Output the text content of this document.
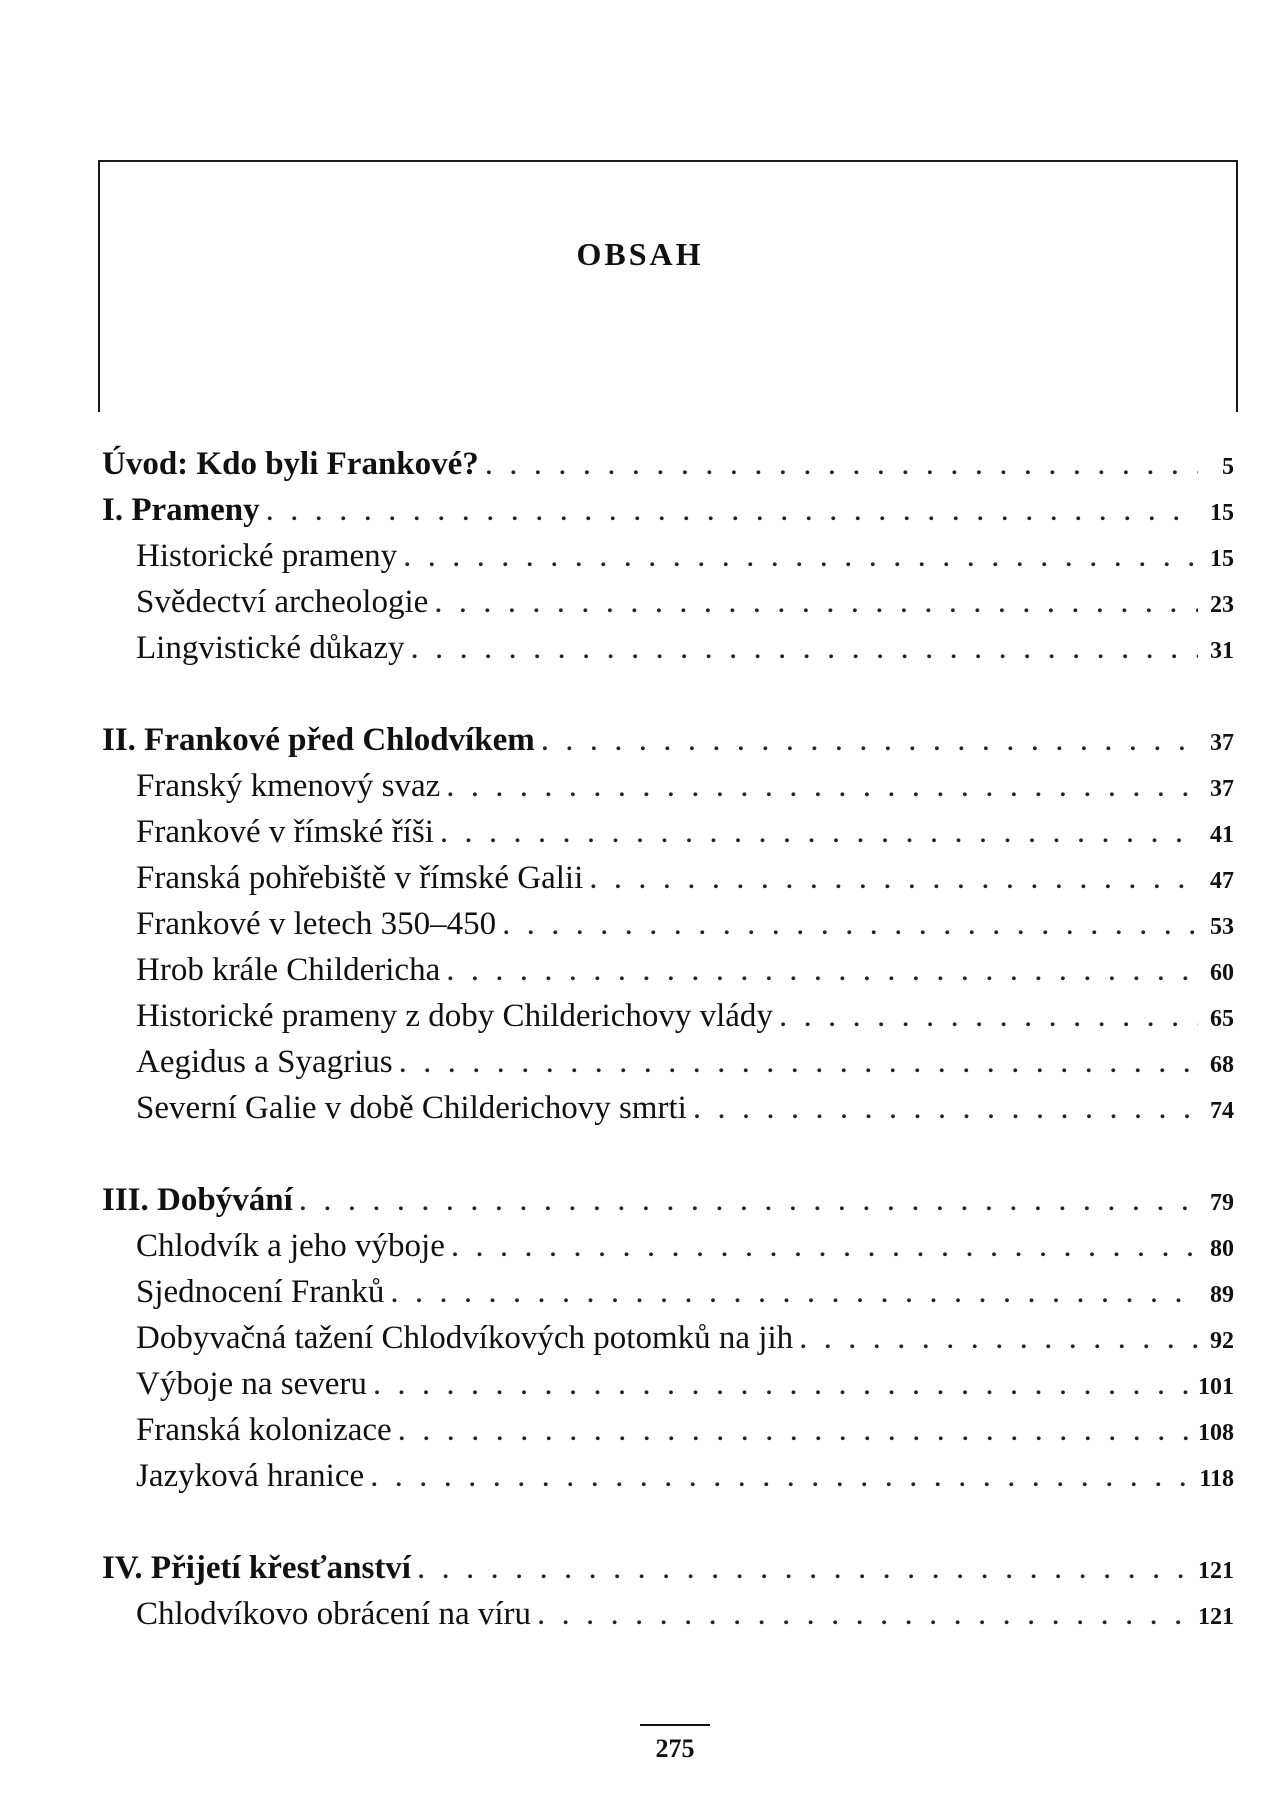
OBSAH
Úvod: Kdo byli Frankové? . . .	5
I. Prameny . . .	15
Historické prameny . . .	15
Svědectví archeologie . . .	23
Lingvistické důkazy . . .	31
II. Frankové před Chlodvíkem . . .	37
Franský kmenový svaz . . .	37
Frankové v římské říši . . .	41
Franská pohřebiště v římské Galii . . .	47
Frankové v letech 350–450 . . .	53
Hrob krále Childericha . . .	60
Historické prameny z doby Childerichovy vlády . . .	65
Aegidus a Syagrius . . .	68
Severní Galie v době Childerichovy smrti . . .	74
III. Dobývání . . .	79
Chlodvík a jeho výboje . . .	80
Sjednocení Franků . . .	89
Dobyvačná tažení Chlodvíkových potomků na jih . . .	92
Výboje na severu . . .	101
Franská kolonizace . . .	108
Jazyková hranice . . .	118
IV. Přijetí křesťanství . . .	121
Chlodvíkovo obrácení na víru . . .	121
275
